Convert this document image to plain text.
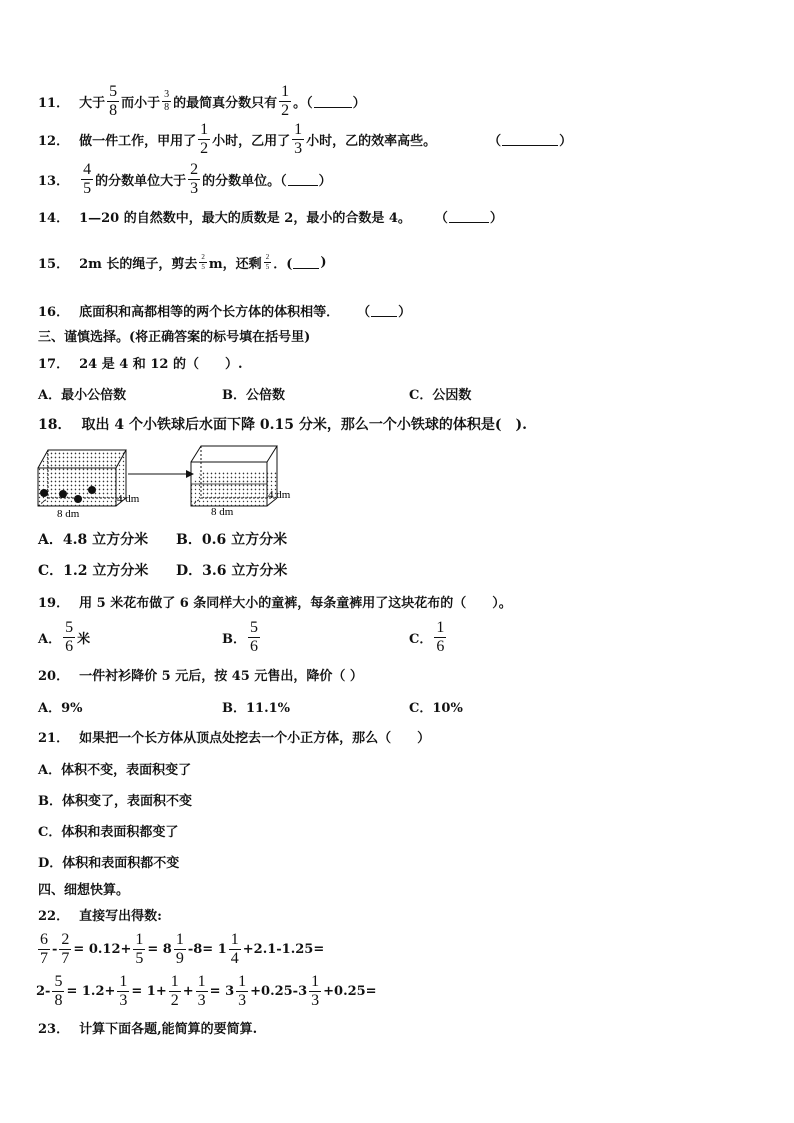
11． 大于 $\frac{5}{8}$ 而小于 $\frac{3}{8}$ 的最简真分数只有 $\frac{1}{2}$ 。（	）
12． 做一件工作，甲用了 $\frac{1}{2}$ 小时，乙用了 $\frac{1}{3}$ 小时，乙的效率高些。	（	）
13． $\frac{4}{5}$ 的分数单位大于 $\frac{2}{3}$ 的分数单位。（ ）
14． 1—20 的自然数中，最大的质数是 2，最小的合数是 4。 （	）
15． 2m 长的绳子，剪去 $\frac{2}{5}$ m，还剩 $\frac{2}{5}$ ．( )
16． 底面积和高都相等的两个长方体的体积相等． （ ）
三、谨慎选择。(将正确答案的标号填在括号里)
17． 24 是 4 和 12 的（　　）.
A．最小公倍数	B．公倍数	C．公因数
18． 取出 4 个小铁球后水面下降 0.15 分米，那么一个小铁球的体积是(　).
4 dm
8 dm
4 dm
8 dm
A．4.8 立方分米 B．0.6 立方分米
C．1.2 立方分米 D．3.6 立方分米
19． 用 5 米花布做了 6 条同样大小的童裤，每条童裤用了这块花布的（　　）。
A． $\frac{5}{6}$ 米	B． $\frac{5}{6}$	C． $\frac{1}{6}$
20． 一件衬衫降价 5 元后，按 45 元售出，降价（ ）
A．9%	B．11.1%	C．10%
21． 如果把一个长方体从顶点处挖去一个小正方体，那么（　　）
A．体积不变，表面积变了
B．体积变了，表面积不变
C．体积和表面积都变了
D．体积和表面积都不变
四、细想快算。
22． 直接写出得数:
$\frac{6}{7} - \frac{2}{7} = 0.12+ \frac{1}{5} = 8 \frac{1}{9} -8= 1 \frac{1}{4} +2.1-1.25=$
$2- \frac{5}{8} = 1.2+ \frac{1}{3} = 1+ \frac{1}{2} + \frac{1}{3} = 3 \frac{1}{3} +0.25-3 \frac{1}{3} +0.25=$
23． 计算下面各题,能简算的要简算.
